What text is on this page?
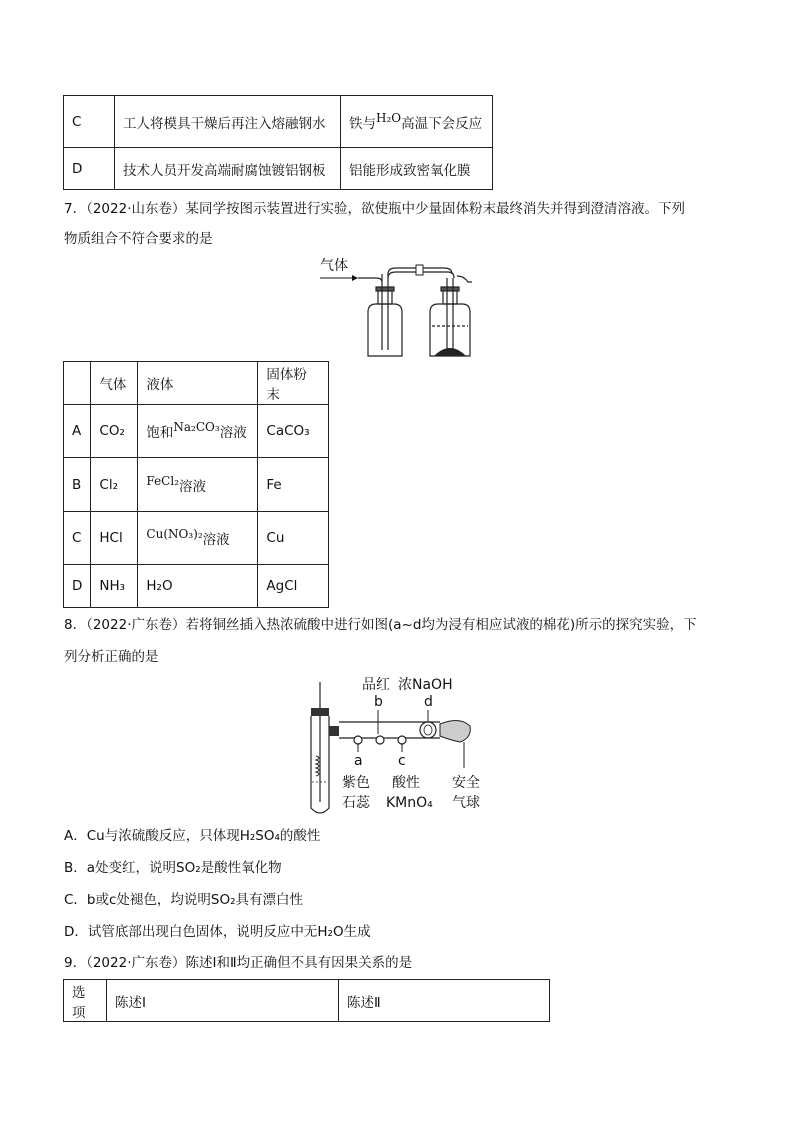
C	工人将模具干燥后再注入熔融钢水	铁与H₂O高温下会反应
D	技术人员开发高端耐腐蚀镀铝钢板	铝能形成致密氧化膜
7．（2022·山东卷）某同学按图示装置进行实验，欲使瓶中少量固体粉末最终消失并得到澄清溶液。下列
物质组合不符合要求的是
气体
	气体	液体	固体粉末
A	CO₂	饱和Na₂CO₃溶液	CaCO₃
B	Cl₂	FeCl₂溶液	Fe
C	HCl	Cu(NO₃)₂溶液	Cu
D	NH₃	H₂O	AgCl
8．（2022·广东卷）若将铜丝插入热浓硫酸中进行如图(a~d均为浸有相应试液的棉花)所示的探究实验，下
列分析正确的是
品红 浓NaOH
b	d
a	c
紫色
石蕊
酸性
KMnO₄
安全
气球
A．Cu与浓硫酸反应，只体现H₂SO₄的酸性
B．a处变红，说明SO₂是酸性氧化物
C．b或c处褪色，均说明SO₂具有漂白性
D．试管底部出现白色固体，说明反应中无H₂O生成
9．（2022·广东卷）陈述Ⅰ和Ⅱ均正确但不具有因果关系的是
选项	陈述Ⅰ	陈述Ⅱ
